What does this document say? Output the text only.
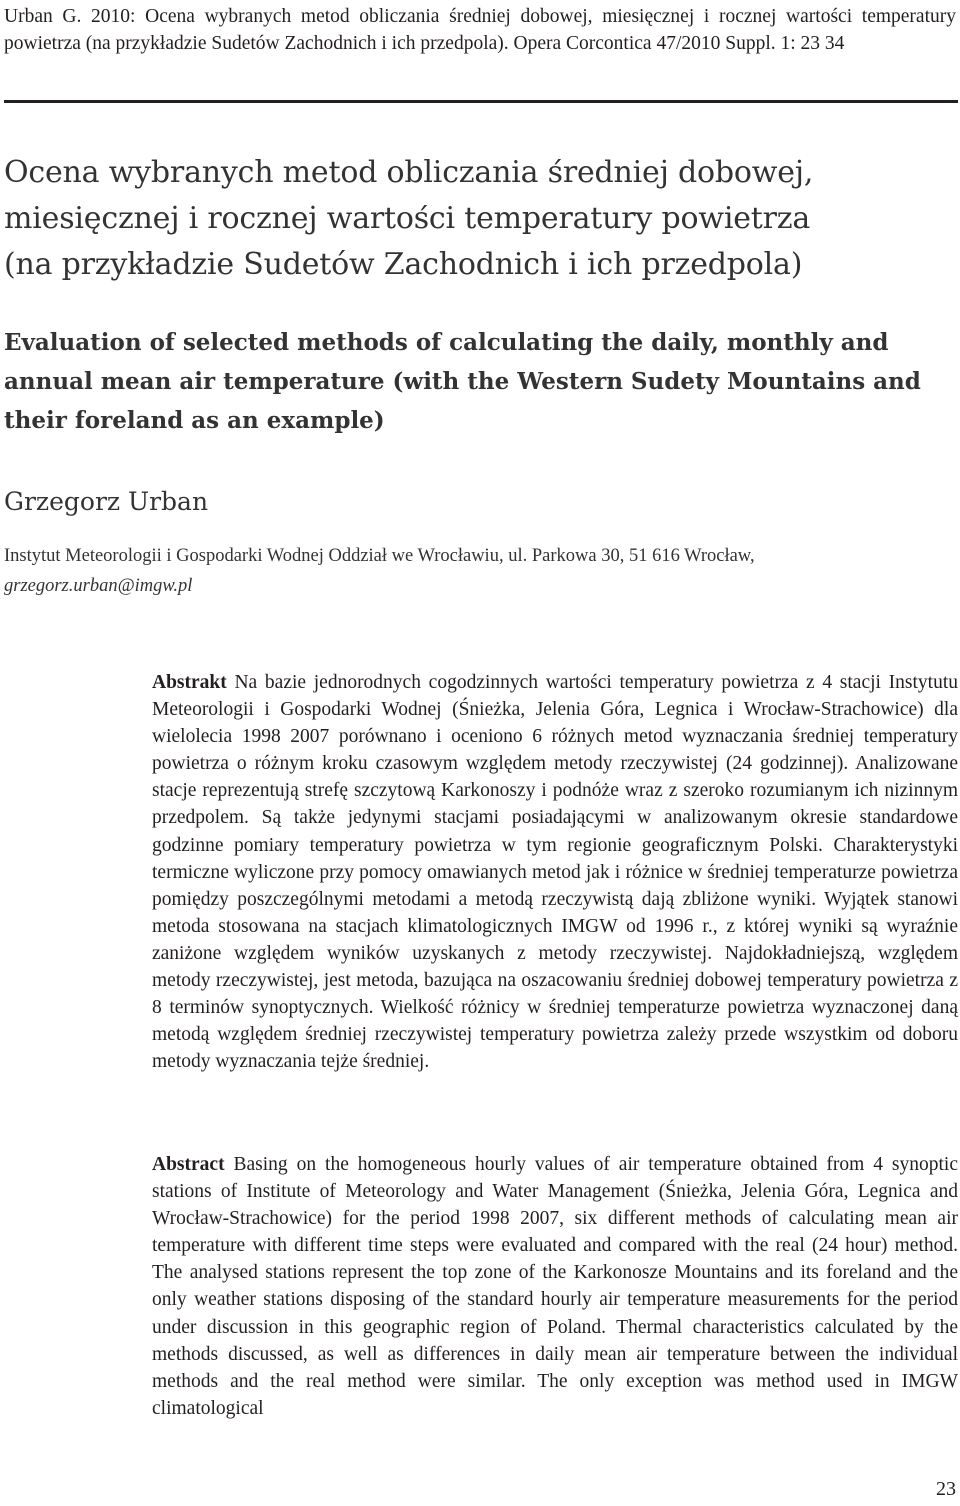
Urban G. 2010: Ocena wybranych metod obliczania średniej dobowej, miesięcznej i rocznej wartości temperatury powietrza (na przykładzie Sudetów Zachodnich i ich przedpola). Opera Corcontica 47/2010 Suppl. 1: 23 34
Ocena wybranych metod obliczania średniej dobowej,
miesięcznej i rocznej wartości temperatury powietrza
(na przykładzie Sudetów Zachodnich i ich przedpola)
Evaluation of selected methods of calculating the daily, monthly and
annual mean air temperature (with the Western Sudety Mountains and
their foreland as an example)
Grzegorz Urban
Instytut Meteorologii i Gospodarki Wodnej Oddział we Wrocławiu, ul. Parkowa 30, 51 616 Wrocław,
grzegorz.urban@imgw.pl

Abstrakt Na bazie jednorodnych cogodzinnych wartości temperatury powietrza z 4 stacji Instytutu Meteorologii i Gospodarki Wodnej (Śnieżka, Jelenia Góra, Legnica i Wrocław-Strachowice) dla wielolecia 1998 2007 porównano i oceniono 6 różnych metod wyznaczania średniej temperatury powietrza o różnym kroku czasowym względem metody rzeczywistej (24 godzinnej). Analizowane stacje reprezentują strefę szczytową Karkonoszy i podnóże wraz z szeroko rozumianym ich nizinnym przedpolem. Są także jedynymi stacjami posiadającymi w analizowanym okresie standardowe godzinne pomiary temperatury powietrza w tym regionie geograficznym Polski. Charakterystyki termiczne wyliczone przy pomocy omawianych metod jak i różnice w średniej temperaturze powietrza pomiędzy poszczególnymi metodami a metodą rzeczywistą dają zbliżone wyniki. Wyjątek stanowi metoda stosowana na stacjach klimatologicznych IMGW od 1996 r., z której wyniki są wyraźnie zaniżone względem wyników uzyskanych z metody rzeczywistej. Najdokładniejszą, względem metody rzeczywistej, jest metoda, bazująca na oszacowaniu średniej dobowej temperatury powietrza z 8 terminów synoptycznych. Wielkość różnicy w średniej temperaturze powietrza wyznaczonej daną metodą względem średniej rzeczywistej temperatury powietrza zależy przede wszystkim od doboru metody wyznaczania tejże średniej.

Abstract Basing on the homogeneous hourly values of air temperature obtained from 4 synoptic stations of Institute of Meteorology and Water Management (Śnieżka, Jelenia Góra, Legnica and Wrocław-Strachowice) for the period 1998 2007, six different methods of calculating mean air temperature with different time steps were evaluated and compared with the real (24 hour) method. The analysed stations represent the top zone of the Karkonosze Mountains and its foreland and the only weather stations disposing of the standard hourly air temperature measurements for the period under discussion in this geographic region of Poland. Thermal characteristics calculated by the methods discussed, as well as differences in daily mean air temperature between the individual methods and the real method were similar. The only exception was method used in IMGW climatological

23
